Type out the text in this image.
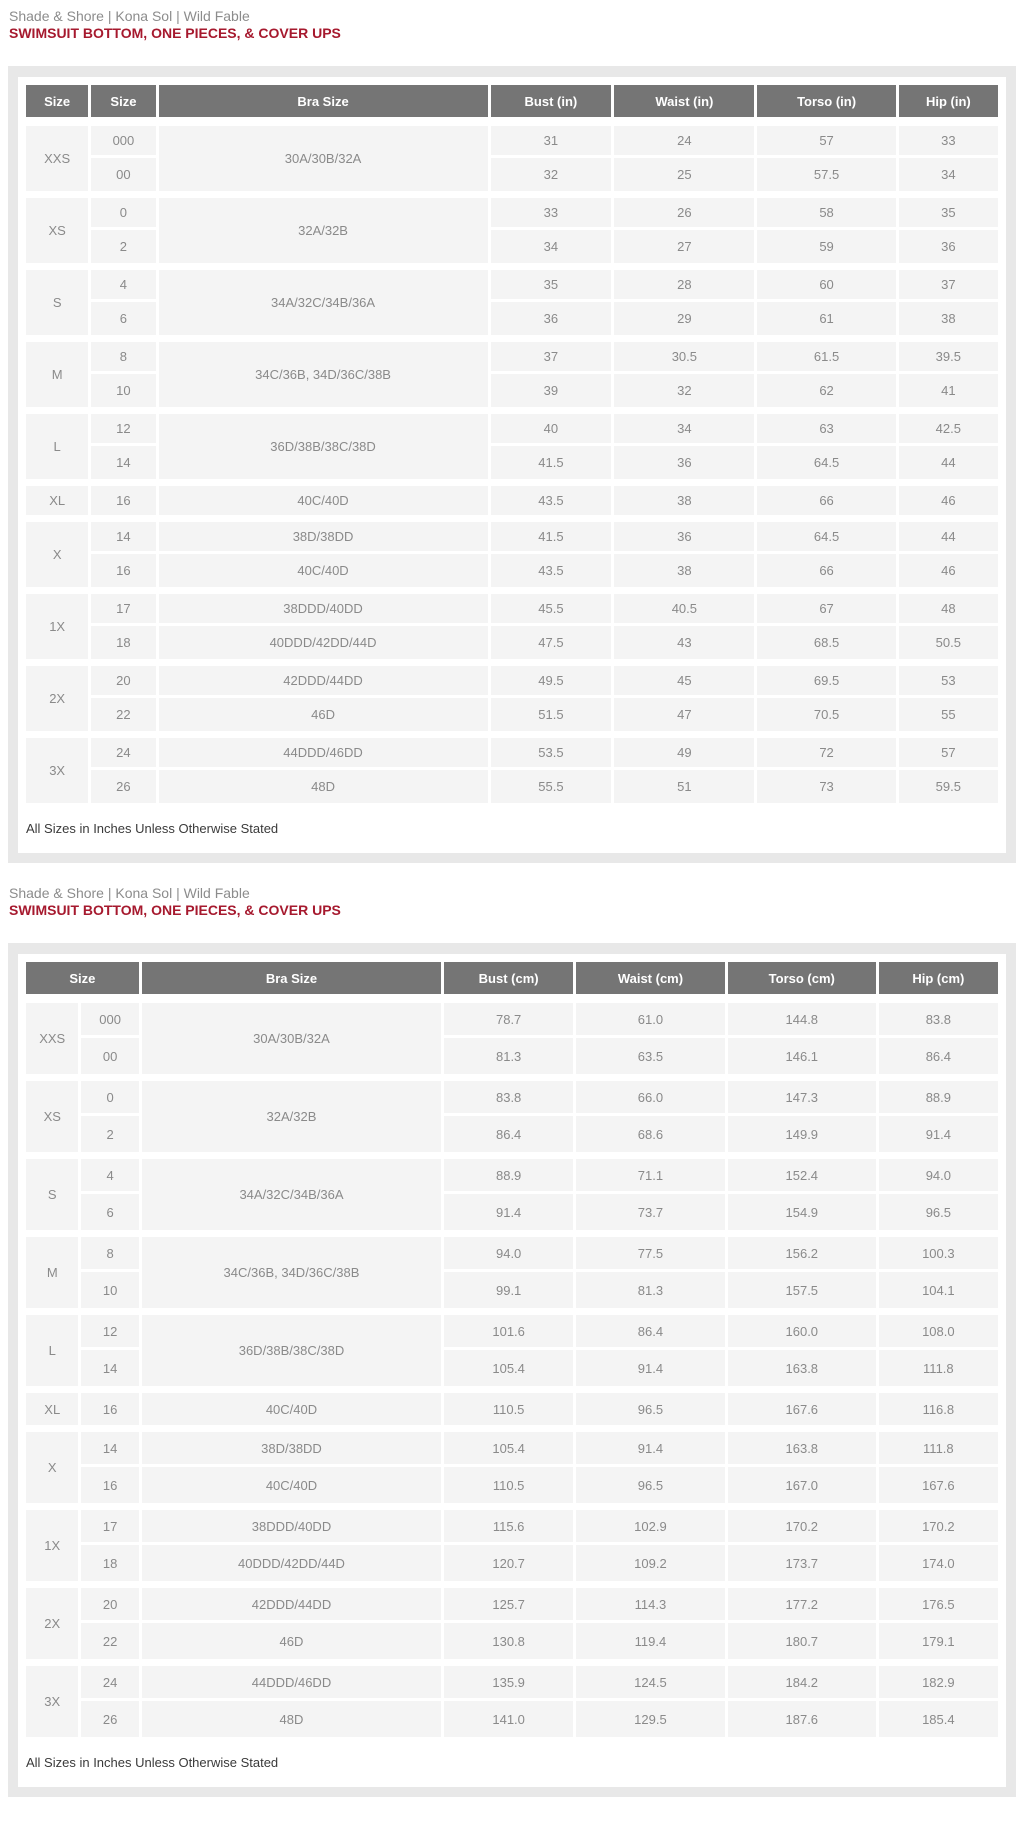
Shade & Shore | Kona Sol | Wild Fable
SWIMSUIT BOTTOM, ONE PIECES, & COVER UPS
Size	Size	Bra Size	Bust (in)	Waist (in)	Torso (in)	Hip (in)
XXS	000	30A/30B/32A	31	24	57	33
	00		32	25	57.5	34
XS	0	32A/32B	33	26	58	35
	2		34	27	59	36
S	4	34A/32C/34B/36A	35	28	60	37
	6		36	29	61	38
M	8	34C/36B, 34D/36C/38B	37	30.5	61.5	39.5
	10		39	32	62	41
L	12	36D/38B/38C/38D	40	34	63	42.5
	14		41.5	36	64.5	44
XL	16	40C/40D	43.5	38	66	46
X	14	38D/38DD	41.5	36	64.5	44
	16	40C/40D	43.5	38	66	46
1X	17	38DDD/40DD	45.5	40.5	67	48
	18	40DDD/42DD/44D	47.5	43	68.5	50.5
2X	20	42DDD/44DD	49.5	45	69.5	53
	22	46D	51.5	47	70.5	55
3X	24	44DDD/46DD	53.5	49	72	57
	26	48D	55.5	51	73	59.5
All Sizes in Inches Unless Otherwise Stated
Shade & Shore | Kona Sol | Wild Fable
SWIMSUIT BOTTOM, ONE PIECES, & COVER UPS
Size		Bra Size	Bust (cm)	Waist (cm)	Torso (cm)	Hip (cm)
XXS	000	30A/30B/32A	78.7	61.0	144.8	83.8
	00		81.3	63.5	146.1	86.4
XS	0	32A/32B	83.8	66.0	147.3	88.9
	2		86.4	68.6	149.9	91.4
S	4	34A/32C/34B/36A	88.9	71.1	152.4	94.0
	6		91.4	73.7	154.9	96.5
M	8	34C/36B, 34D/36C/38B	94.0	77.5	156.2	100.3
	10		99.1	81.3	157.5	104.1
L	12	36D/38B/38C/38D	101.6	86.4	160.0	108.0
	14		105.4	91.4	163.8	111.8
XL	16	40C/40D	110.5	96.5	167.6	116.8
X	14	38D/38DD	105.4	91.4	163.8	111.8
	16	40C/40D	110.5	96.5	167.0	167.6
1X	17	38DDD/40DD	115.6	102.9	170.2	170.2
	18	40DDD/42DD/44D	120.7	109.2	173.7	174.0
2X	20	42DDD/44DD	125.7	114.3	177.2	176.5
	22	46D	130.8	119.4	180.7	179.1
3X	24	44DDD/46DD	135.9	124.5	184.2	182.9
	26	48D	141.0	129.5	187.6	185.4
All Sizes in Inches Unless Otherwise Stated
